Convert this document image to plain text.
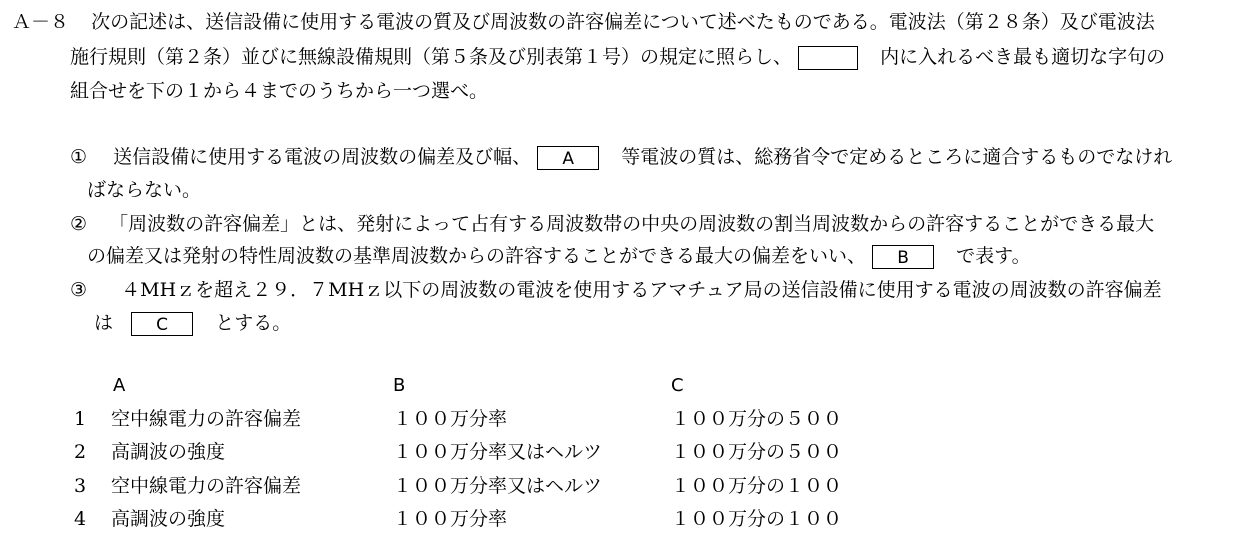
Ａ－８ 次の記述は、送信設備に使用する電波の質及び周波数の許容偏差について述べたものである。電波法（第２８条）及び電波法
施行規則（第２条）並びに無線設備規則（第５条及び別表第１号）の規定に照らし、	内に入れるべき最も適切な字句の
組合せを下の１から４までのうちから一つ選べ。
① 送信設備に使用する電波の周波数の偏差及び幅、 A 等電波の質は、総務省令で定めるところに適合するものでなけれ
ばならない。
② 「周波数の許容偏差」とは、発射によって占有する周波数帯の中央の周波数の割当周波数からの許容することができる最大
の偏差又は発射の特性周波数の基準周波数からの許容することができる最大の偏差をいい、 B で表す。
③ ４MHｚを超え２９．７MHｚ以下の周波数の電波を使用するアマチュア局の送信設備に使用する電波の周波数の許容偏差
は	C とする。
A	B	C
1 空中線電力の許容偏差	１００万分率	１００万分の５００
2 高調波の強度	１００万分率又はヘルツ	１００万分の５００
3 空中線電力の許容偏差	１００万分率又はヘルツ	１００万分の１００
4 高調波の強度	１００万分率	１００万分の１００
